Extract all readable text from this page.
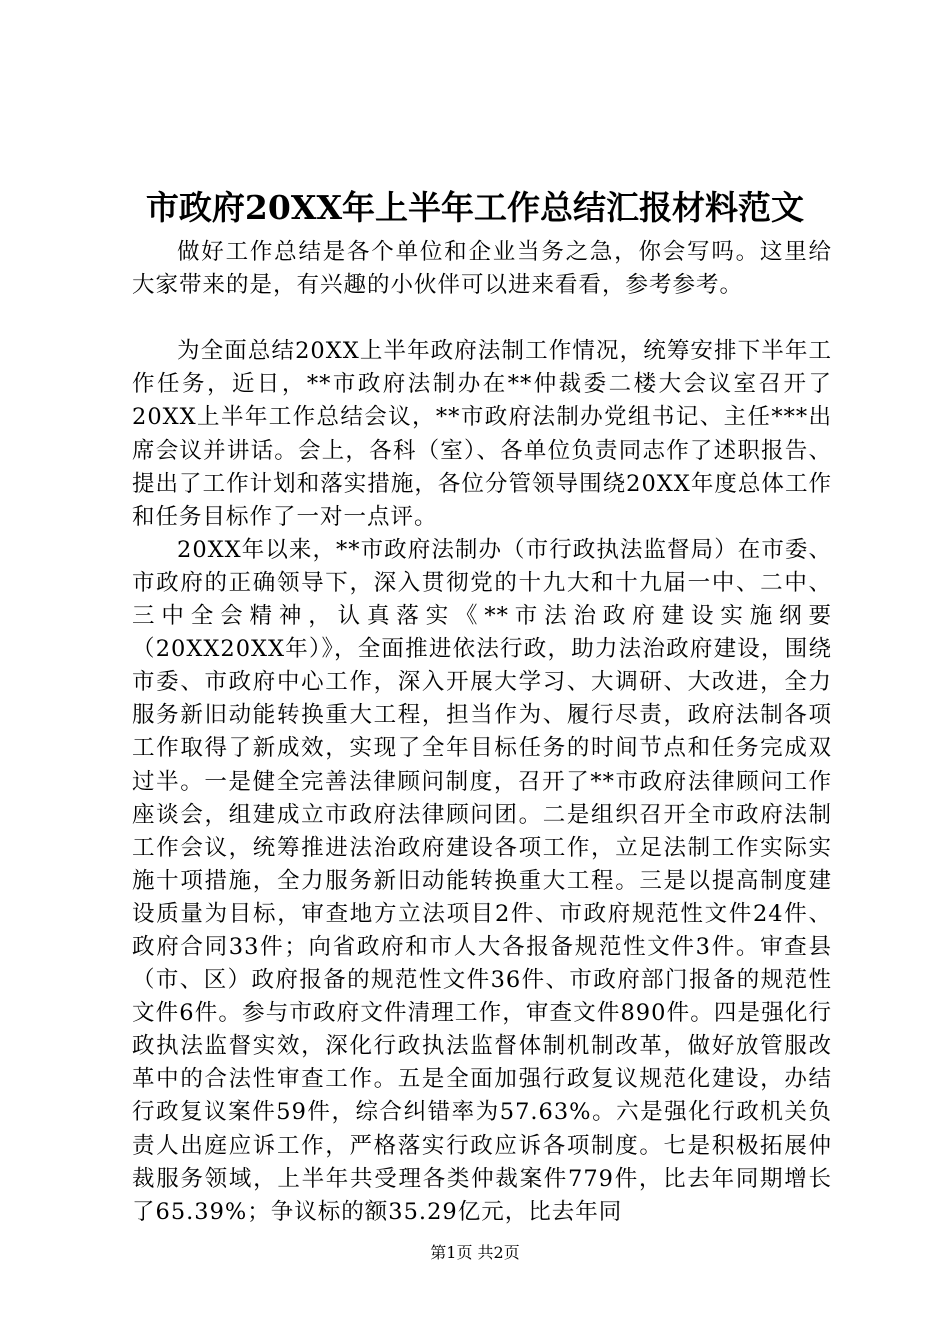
市政府20XX年上半年工作总结汇报材料范文

做好工作总结是各个单位和企业当务之急，你会写吗。这里给大家带来的是，有兴趣的小伙伴可以进来看看，参考参考。

为全面总结20XX上半年政府法制工作情况，统筹安排下半年工作任务，近日，**市政府法制办在**仲裁委二楼大会议室召开了20XX上半年工作总结会议，**市政府法制办党组书记、主任***出席会议并讲话。会上，各科（室）、各单位负责同志作了述职报告、提出了工作计划和落实措施，各位分管领导围绕20XX年度总体工作和任务目标作了一对一点评。

20XX年以来，**市政府法制办（市行政执法监督局）在市委、市政府的正确领导下，深入贯彻党的十九大和十九届一中、二中、三中全会精神，认真落实《**市法治政府建设实施纲要（20XX20XX年）》，全面推进依法行政，助力法治政府建设，围绕市委、市政府中心工作，深入开展大学习、大调研、大改进，全力服务新旧动能转换重大工程，担当作为、履行尽责，政府法制各项工作取得了新成效，实现了全年目标任务的时间节点和任务完成双过半。一是健全完善法律顾问制度，召开了**市政府法律顾问工作座谈会，组建成立市政府法律顾问团。二是组织召开全市政府法制工作会议，统筹推进法治政府建设各项工作，立足法制工作实际实施十项措施，全力服务新旧动能转换重大工程。三是以提高制度建设质量为目标，审查地方立法项目2件、市政府规范性文件24件、政府合同33件；向省政府和市人大各报备规范性文件3件。审查县（市、区）政府报备的规范性文件36件、市政府部门报备的规范性文件6件。参与市政府文件清理工作，审查文件890件。四是强化行政执法监督实效，深化行政执法监督体制机制改革，做好放管服改革中的合法性审查工作。五是全面加强行政复议规范化建设，办结行政复议案件59件，综合纠错率为57.63%。六是强化行政机关负责人出庭应诉工作，严格落实行政应诉各项制度。七是积极拓展仲裁服务领域，上半年共受理各类仲裁案件779件，比去年同期增长了65.39%；争议标的额35.29亿元，比去年同

第1页 共2页
